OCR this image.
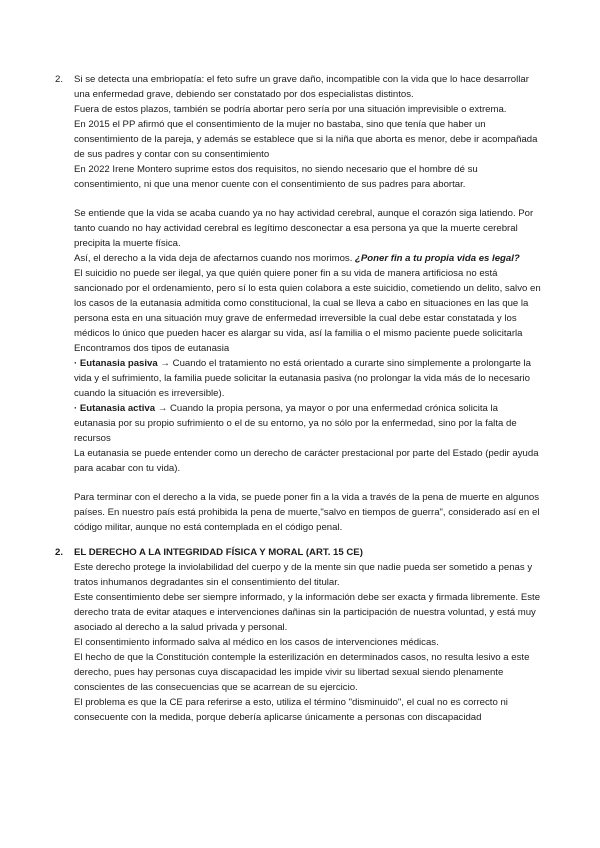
2. Si se detecta una embriopatía: el feto sufre un grave daño, incompatible con la vida que lo hace desarrollar una enfermedad grave, debiendo ser constatado por dos especialistas distintos.

Fuera de estos plazos, también se podría abortar pero sería por una situación imprevisible o extrema.

En 2015 el PP afirmó que el consentimiento de la mujer no bastaba, sino que tenía que haber un consentimiento de la pareja, y además se establece que si la niña que aborta es menor, debe ir acompañada de sus padres y contar con su consentimiento

En 2022 Irene Montero suprime estos dos requisitos, no siendo necesario que el hombre dé su consentimiento, ni que una menor cuente con el consentimiento de sus padres para abortar.

Se entiende que la vida se acaba cuando ya no hay actividad cerebral, aunque el corazón siga latiendo. Por tanto cuando no hay actividad cerebral es legítimo desconectar a esa persona ya que la muerte cerebral precipita la muerte física.

Así, el derecho a la vida deja de afectarnos cuando nos morimos. ¿Poner fin a tu propia vida es legal?

El suicidio no puede ser ilegal, ya que quién quiere poner fin a su vida de manera artificiosa no está sancionado por el ordenamiento, pero sí lo esta quien colabora a este suicidio, cometiendo un delito, salvo en los casos de la eutanasia admitida como constitucional, la cual se lleva a cabo en situaciones en las que la persona esta en una situación muy grave de enfermedad irreversible la cual debe estar constatada y los médicos lo único que pueden hacer es alargar su vida, así la familia o el mismo paciente puede solicitarla

Encontramos dos tipos de eutanasia

· Eutanasia pasiva → Cuando el tratamiento no está orientado a curarte sino simplemente a prolongarte la vida y el sufrimiento, la familia puede solicitar la eutanasia pasiva (no prolongar la vida más de lo necesario cuando la situación es irreversible).

· Eutanasia activa → Cuando la propia persona, ya mayor o por una enfermedad crónica solicita la eutanasia por su propio sufrimiento o el de su entorno, ya no sólo por la enfermedad, sino por la falta de recursos

La eutanasia se puede entender como un derecho de carácter prestacional por parte del Estado (pedir ayuda para acabar con tu vida).

Para terminar con el derecho a la vida, se puede poner fin a la vida a través de la pena de muerte en algunos países. En nuestro país está prohibida la pena de muerte,"salvo en tiempos de guerra", considerado así en el código militar, aunque no está contemplada en el código penal.

2. EL DERECHO A LA INTEGRIDAD FÍSICA Y MORAL (ART. 15 CE)

Este derecho protege la inviolabilidad del cuerpo y de la mente sin que nadie pueda ser sometido a penas y tratos inhumanos degradantes sin el consentimiento del titular.

Este consentimiento debe ser siempre informado, y la información debe ser exacta y firmada libremente. Este derecho trata de evitar ataques e intervenciones dañinas sin la participación de nuestra voluntad, y está muy asociado al derecho a la salud privada y personal.

El consentimiento informado salva al médico en los casos de intervenciones médicas.

El hecho de que la Constitución contemple la esterilización en determinados casos, no resulta lesivo a este derecho, pues hay personas cuya discapacidad les impide vivir su libertad sexual siendo plenamente conscientes de las consecuencias que se acarrean de su ejercicio.

El problema es que la CE para referirse a esto, utiliza el término "disminuido", el cual no es correcto ni consecuente con la medida, porque debería aplicarse únicamente a personas con discapacidad
